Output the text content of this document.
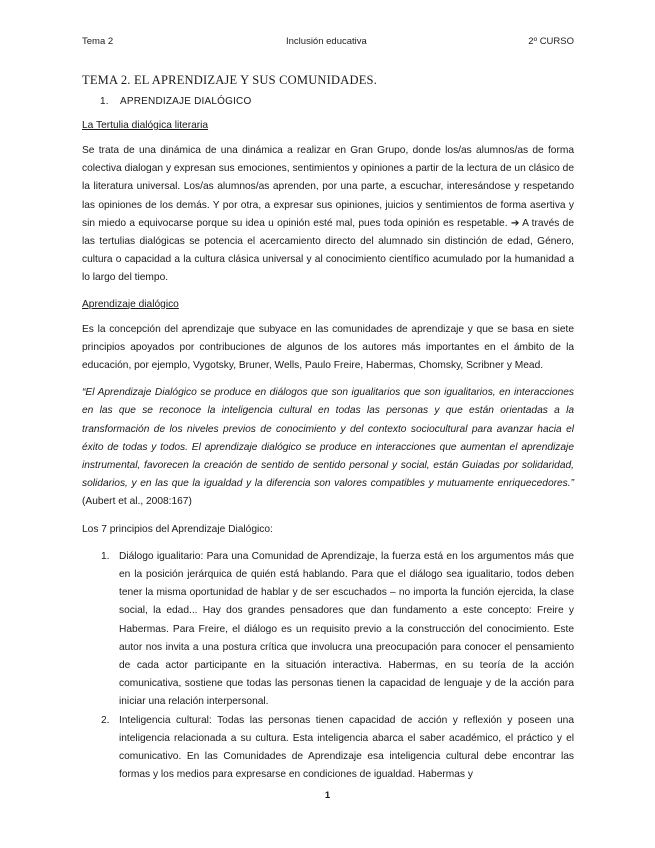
Tema 2	Inclusión educativa	2º CURSO
TEMA 2. EL APRENDIZAJE Y SUS COMUNIDADES.
1. APRENDIZAJE DIALÓGICO
La Tertulia dialógica literaria

Se trata de una dinámica de una dinámica a realizar en Gran Grupo, donde los/as alumnos/as de forma colectiva dialogan y expresan sus emociones, sentimientos y opiniones a partir de la lectura de un clásico de la literatura universal. Los/as alumnos/as aprenden, por una parte, a escuchar, interesándose y respetando las opiniones de los demás. Y por otra, a expresar sus opiniones, juicios y sentimientos de forma asertiva y sin miedo a equivocarse porque su idea u opinión esté mal, pues toda opinión es respetable. ➔ A través de las tertulias dialógicas se potencia el acercamiento directo del alumnado sin distinción de edad, Género, cultura o capacidad a la cultura clásica universal y al conocimiento científico acumulado por la humanidad a lo largo del tiempo.

Aprendizaje dialógico

Es la concepción del aprendizaje que subyace en las comunidades de aprendizaje y que se basa en siete principios apoyados por contribuciones de algunos de los autores más importantes en el ámbito de la educación, por ejemplo, Vygotsky, Bruner, Wells, Paulo Freire, Habermas, Chomsky, Scribner y Mead.

“El Aprendizaje Dialógico se produce en diálogos que son igualitarios que son igualitarios, en interacciones en las que se reconoce la inteligencia cultural en todas las personas y que están orientadas a la transformación de los niveles previos de conocimiento y del contexto sociocultural para avanzar hacia el éxito de todas y todos. El aprendizaje dialógico se produce en interacciones que aumentan el aprendizaje instrumental, favorecen la creación de sentido de sentido personal y social, están Guiadas por solidaridad, solidarios, y en las que la igualdad y la diferencia son valores compatibles y mutuamente enriquecedores.” (Aubert et al., 2008:167)

Los 7 principios del Aprendizaje Dialógico:

1. Diálogo igualitario: Para una Comunidad de Aprendizaje, la fuerza está en los argumentos más que en la posición jerárquica de quién está hablando. Para que el diálogo sea igualitario, todos deben tener la misma oportunidad de hablar y de ser escuchados – no importa la función ejercida, la clase social, la edad... Hay dos grandes pensadores que dan fundamento a este concepto: Freire y Habermas. Para Freire, el diálogo es un requisito previo a la construcción del conocimiento. Este autor nos invita a una postura crítica que involucra una preocupación para conocer el pensamiento de cada actor participante en la situación interactiva. Habermas, en su teoría de la acción comunicativa, sostiene que todas las personas tienen la capacidad de lenguaje y de la acción para iniciar una relación interpersonal.
2. Inteligencia cultural: Todas las personas tienen capacidad de acción y reflexión y poseen una inteligencia relacionada a su cultura. Esta inteligencia abarca el saber académico, el práctico y el comunicativo. En las Comunidades de Aprendizaje esa inteligencia cultural debe encontrar las formas y los medios para expresarse en condiciones de igualdad. Habermas y
1
